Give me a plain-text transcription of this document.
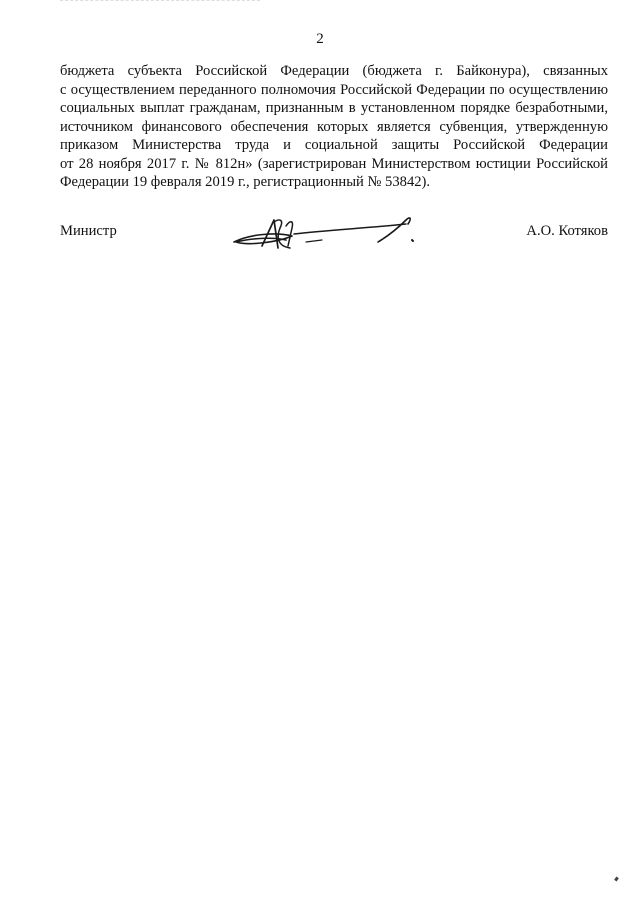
2
бюджета субъекта Российской Федерации (бюджета г. Байконура), связанных
с осуществлением переданного полномочия Российской Федерации по осуществлению
социальных выплат гражданам, признанным в установленном порядке безработными,
источником финансового обеспечения которых является субвенция, утвержденную
приказом Министерства труда и социальной защиты Российской Федерации
от 28 ноября 2017 г. № 812н» (зарегистрирован Министерством юстиции Российской
Федерации 19 февраля 2019 г., регистрационный № 53842).
Министр	А.О. Котяков
